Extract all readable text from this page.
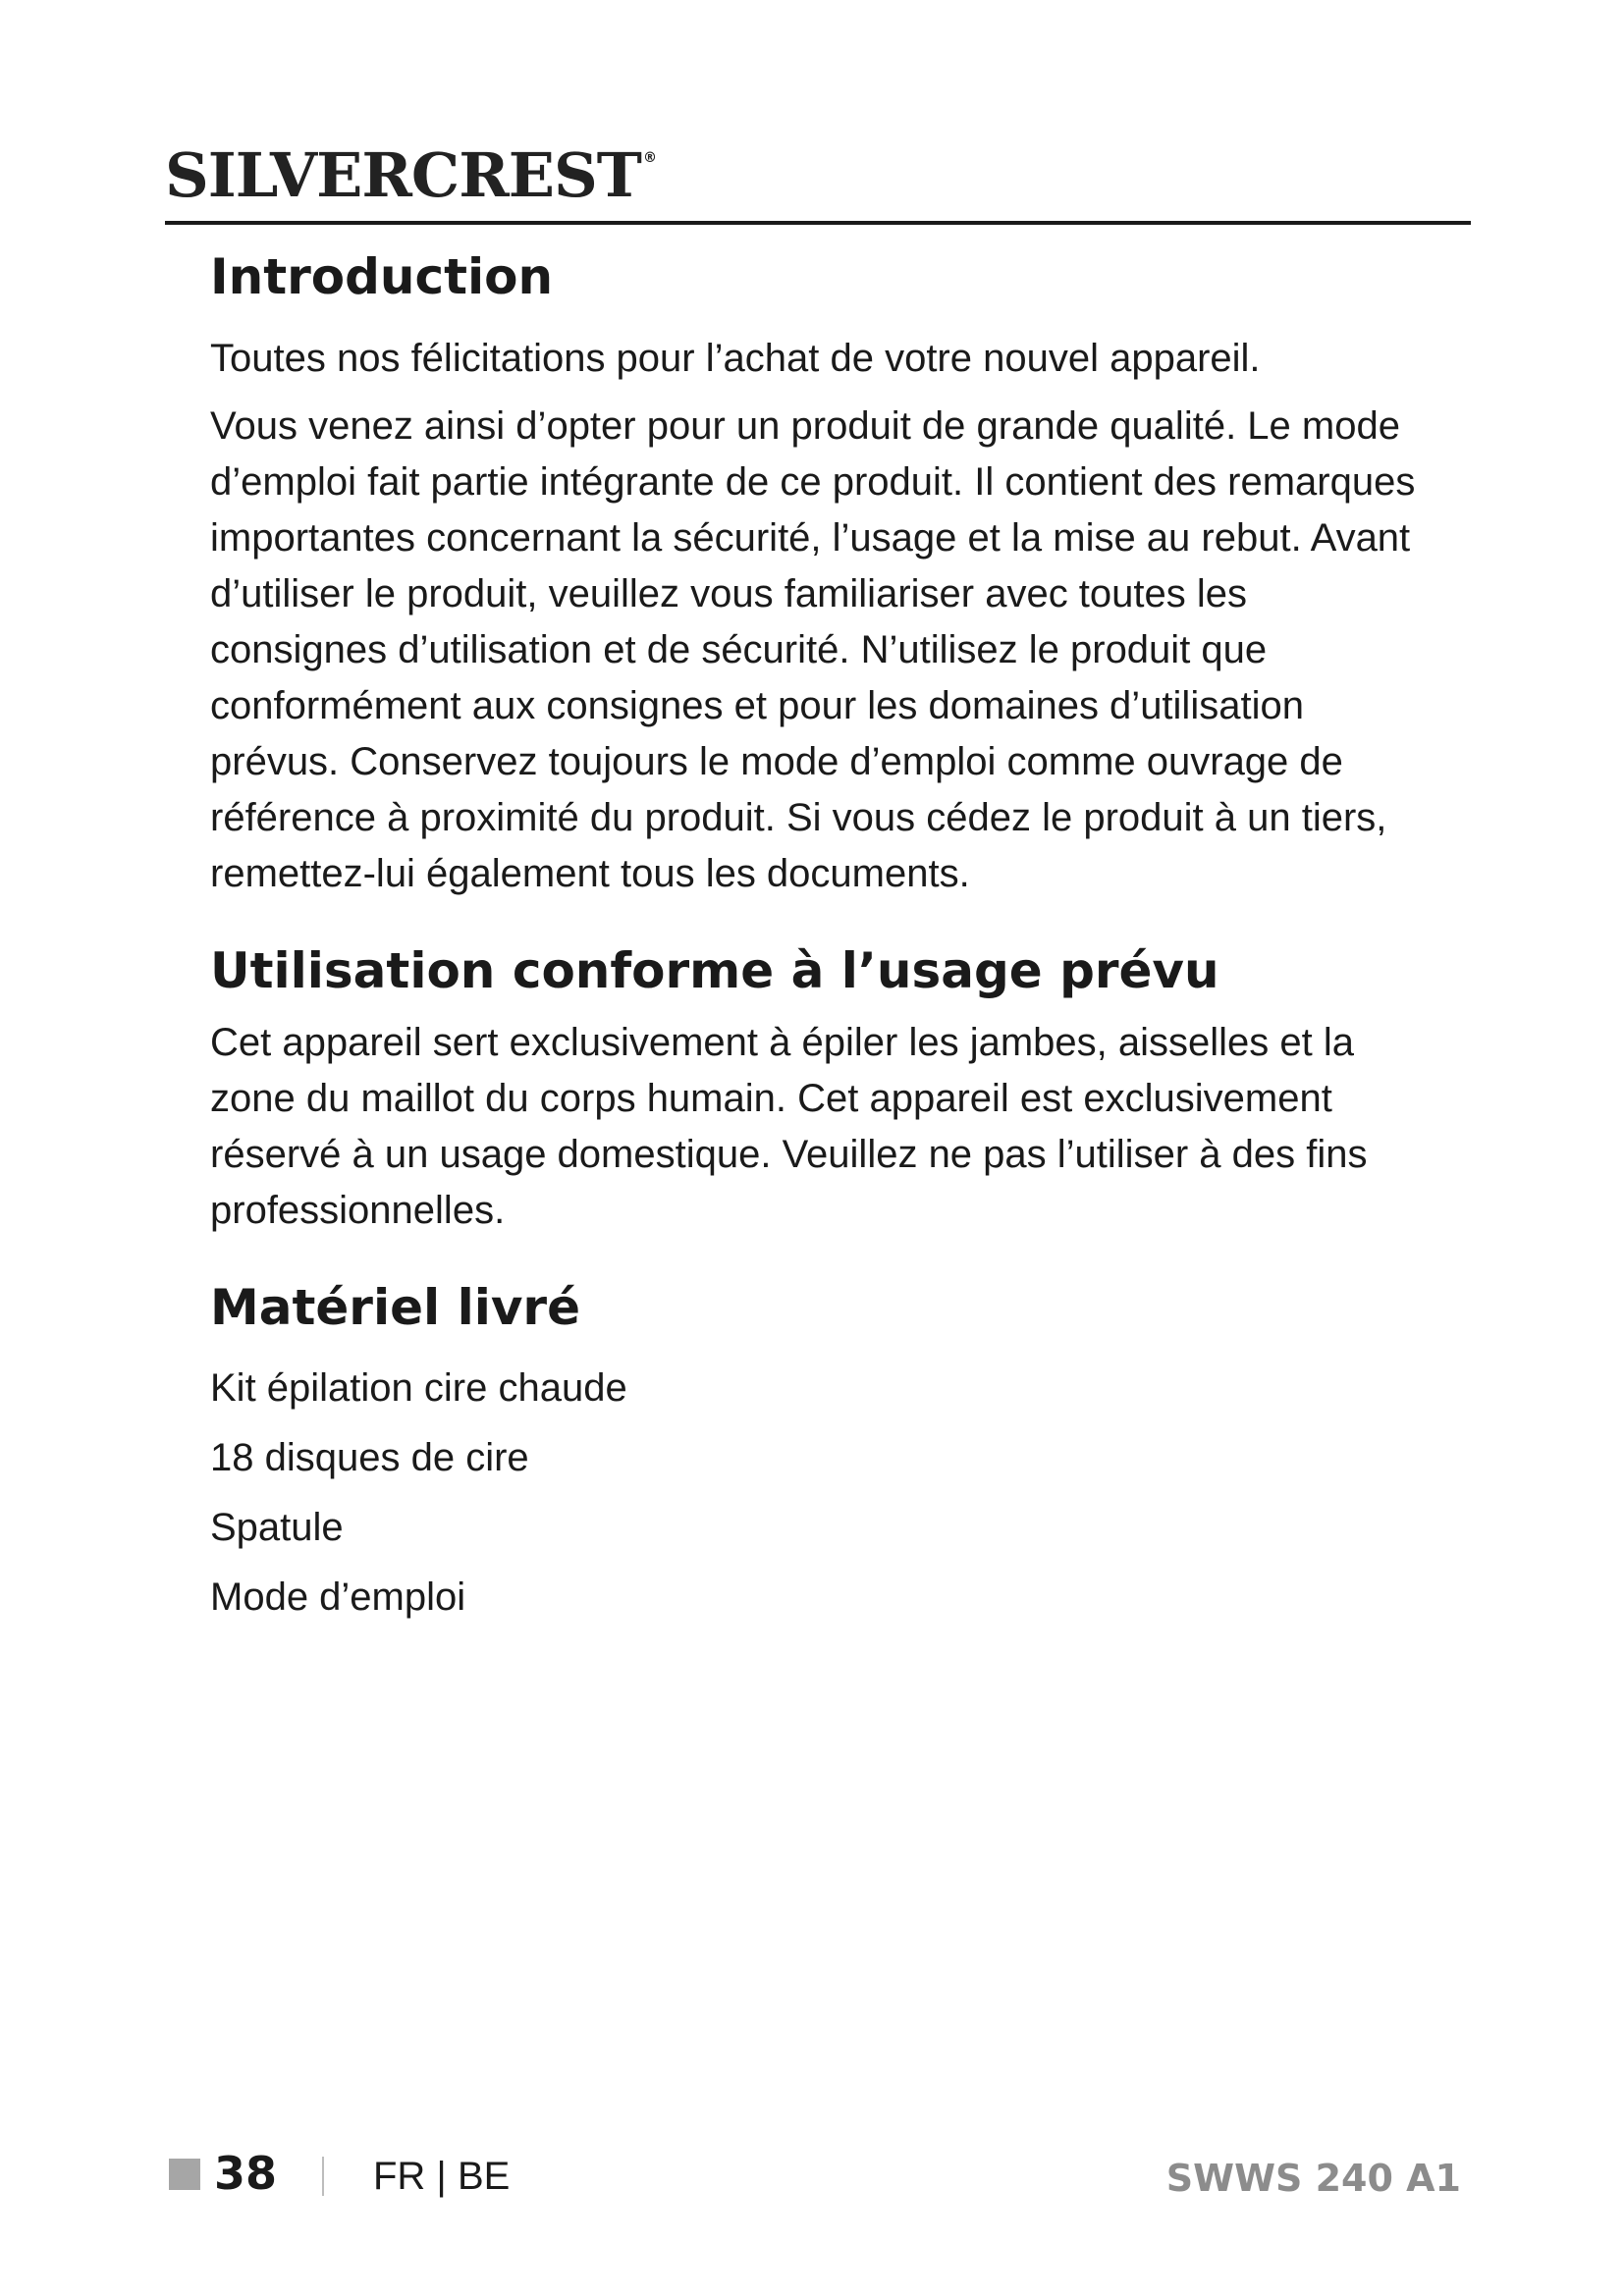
SILVERCREST ®
Introduction

Toutes nos félicitations pour l’achat de votre nouvel appareil.

Vous venez ainsi d’opter pour un produit de grande qualité. Le mode d’emploi fait partie intégrante de ce produit. Il contient des remarques importantes concernant la sécurité, l’usage et la mise au rebut. Avant d’utiliser le produit, veuillez vous familiariser avec toutes les consignes d’utilisation et de sécurité. N’utilisez le produit que conformément aux consignes et pour les domaines d’utilisation prévus. Conservez toujours le mode d’emploi comme ouvrage de référence à proximité du produit. Si vous cédez le produit à un tiers, remettez-lui également tous les documents.

Utilisation conforme à l’usage prévu

Cet appareil sert exclusivement à épiler les jambes, aisselles et la zone du maillot du corps humain. Cet appareil est exclusivement réservé à un usage domestique. Veuillez ne pas l’utiliser à des fins professionnelles.

Matériel livré
Kit épilation cire chaude
18 disques de cire
Spatule
Mode d’emploi
38 FR | BE	SWWS 240 A1
